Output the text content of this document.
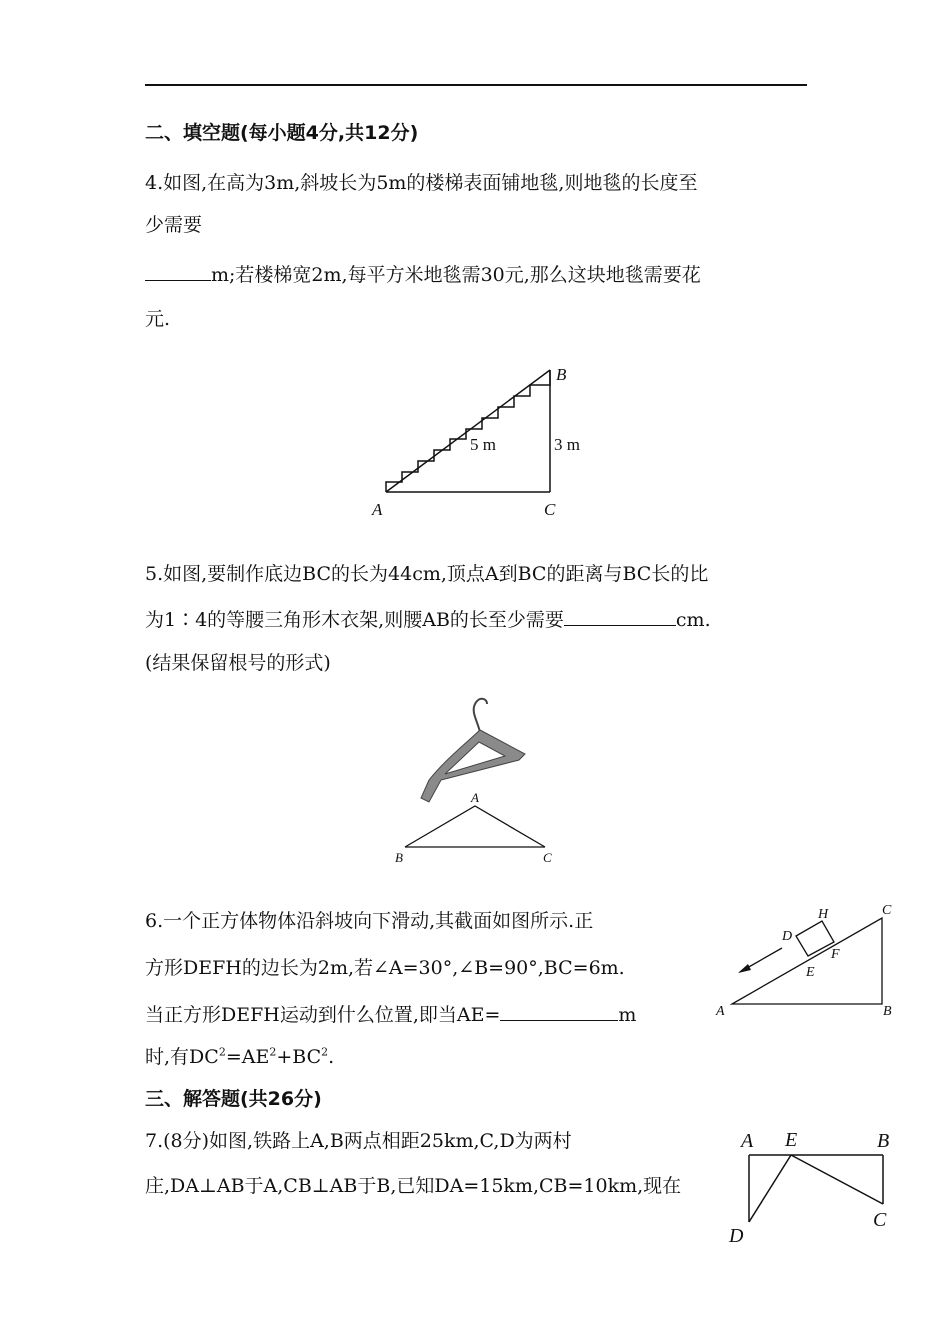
二、填空题(每小题4分,共12分)
4.如图,在高为3m,斜坡长为5m的楼梯表面铺地毯,则地毯的长度至
少需要
m;若楼梯宽2m,每平方米地毯需30元,那么这块地毯需要花
元.
5 m	3 m
A
B
C
5.如图,要制作底边BC的长为44cm,顶点A到BC的距离与BC长的比
为1∶4的等腰三角形木衣架,则腰AB的长至少需要	cm.
(结果保留根号的形式)
A
B	C
6.一个正方体物体沿斜坡向下滑动,其截面如图所示.正
方形DEFH的边长为2m,若∠A=30°,∠B=90°,BC=6m.
当正方形DEFH运动到什么位置,即当AE=	m
时,有$DC^2=AE^2+BC^2$.
A	B
C
D
E
F
H
三、解答题(共26分)
7.(8分)如图,铁路上A,B两点相距25km,C,D为两村
庄,DA⊥AB于A,CB⊥AB于B,已知DA=15km,CB=10km,现在
A E	B
C
D
